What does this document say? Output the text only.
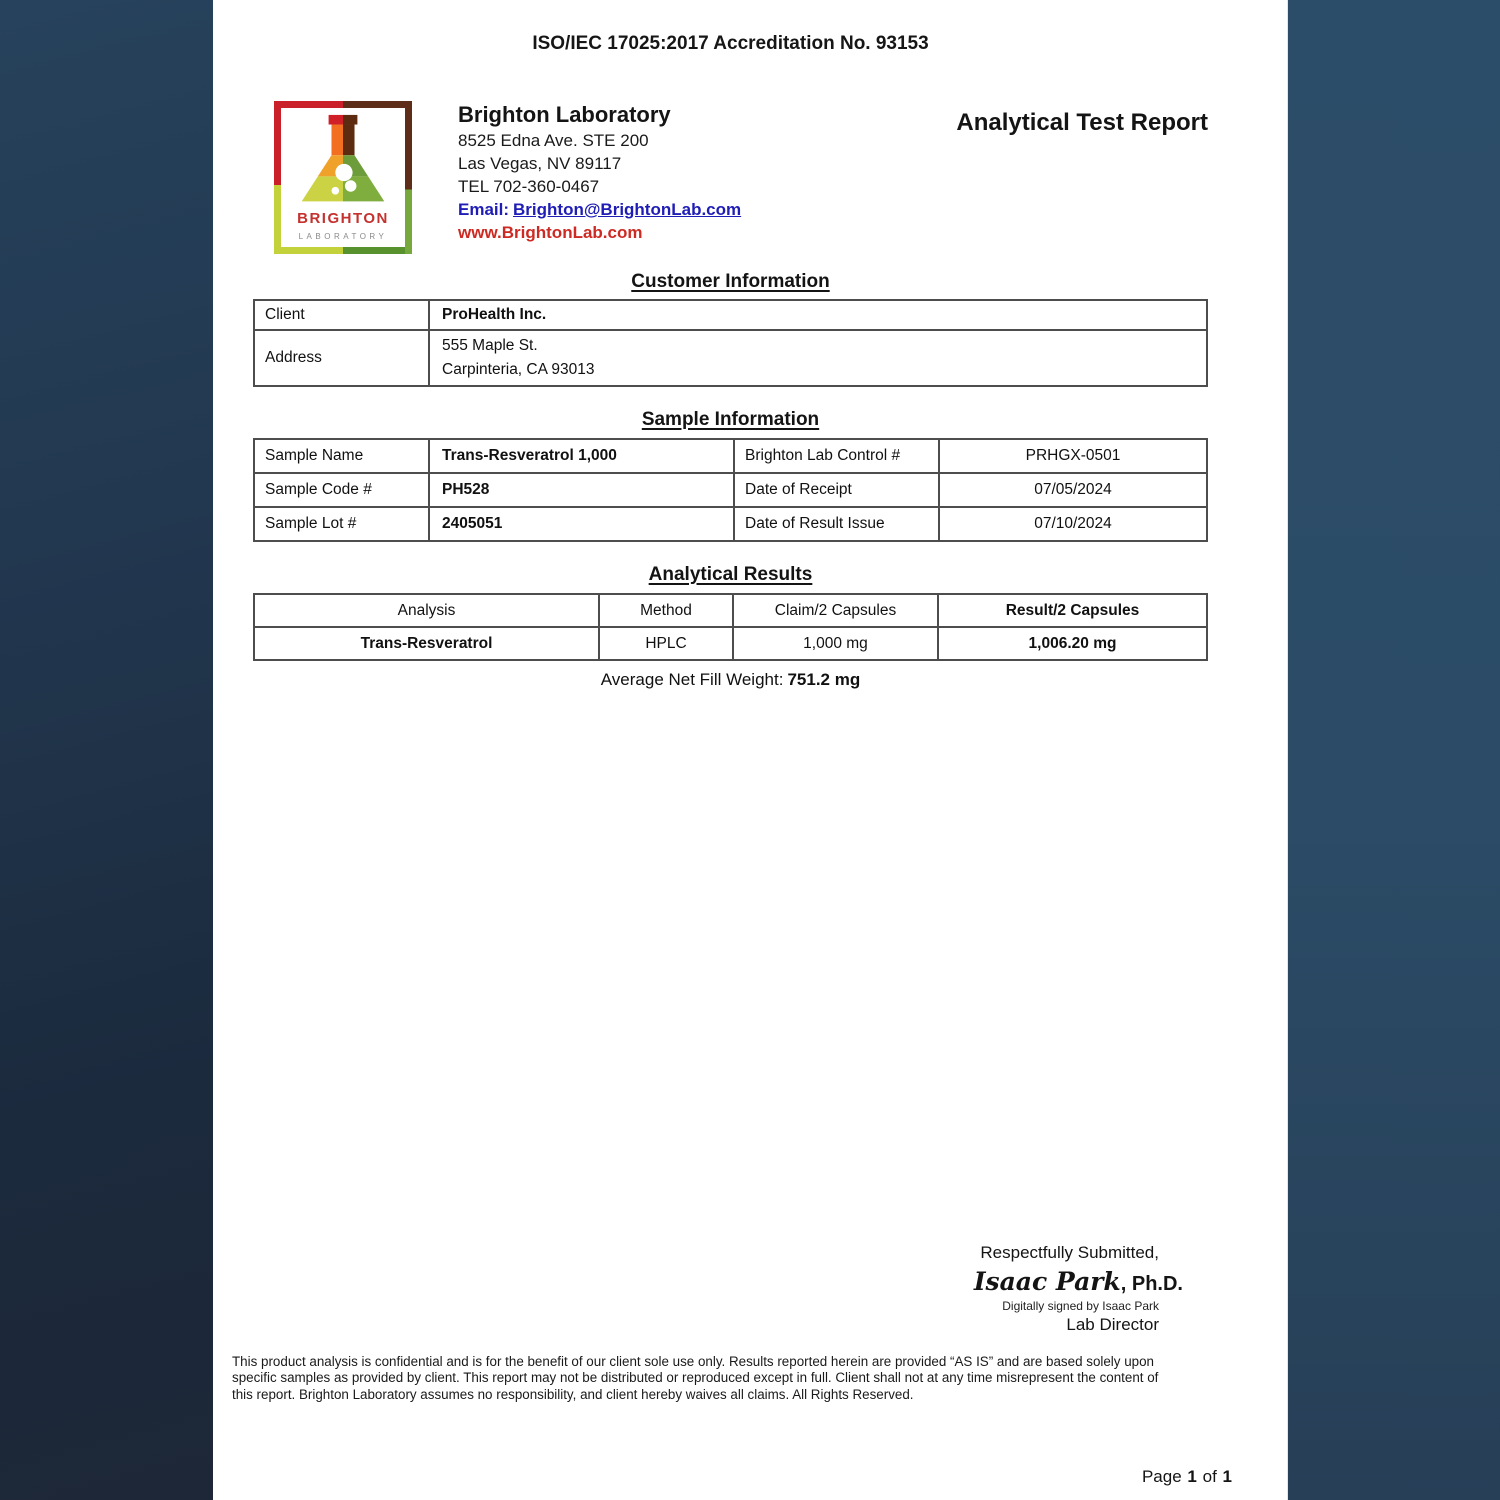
ISO/IEC 17025:2017 Accreditation No. 93153
BRIGHTON
LABORATORY
Brighton Laboratory
8525 Edna Ave. STE 200
Las Vegas, NV 89117
TEL 702-360-0467
Email: Brighton@BrightonLab.com
www.BrightonLab.com
Analytical Test Report
Customer Information
Client	ProHealth Inc.
Address	555 Maple St.
Carpinteria, CA 93013
Sample Information
Sample Name	Trans-Resveratrol 1,000	Brighton Lab Control #	PRHGX-0501
Sample Code #	PH528	Date of Receipt	07/05/2024
Sample Lot #	2405051	Date of Result Issue	07/10/2024
Analytical Results
Analysis	Method	Claim/2 Capsules	Result/2 Capsules
Trans-Resveratrol	HPLC	1,000 mg	1,006.20 mg
Average Net Fill Weight: 751.2 mg
Respectfully Submitted,
Isaac Park, Ph.D.
Digitally signed by Isaac Park
Lab Director
This product analysis is confidential and is for the benefit of our client sole use only. Results reported herein are provided “AS IS” and are based solely upon
specific samples as provided by client. This report may not be distributed or reproduced except in full. Client shall not at any time misrepresent the content of
this report. Brighton Laboratory assumes no responsibility, and client hereby waives all claims. All Rights Reserved.
Page 1 of 1
